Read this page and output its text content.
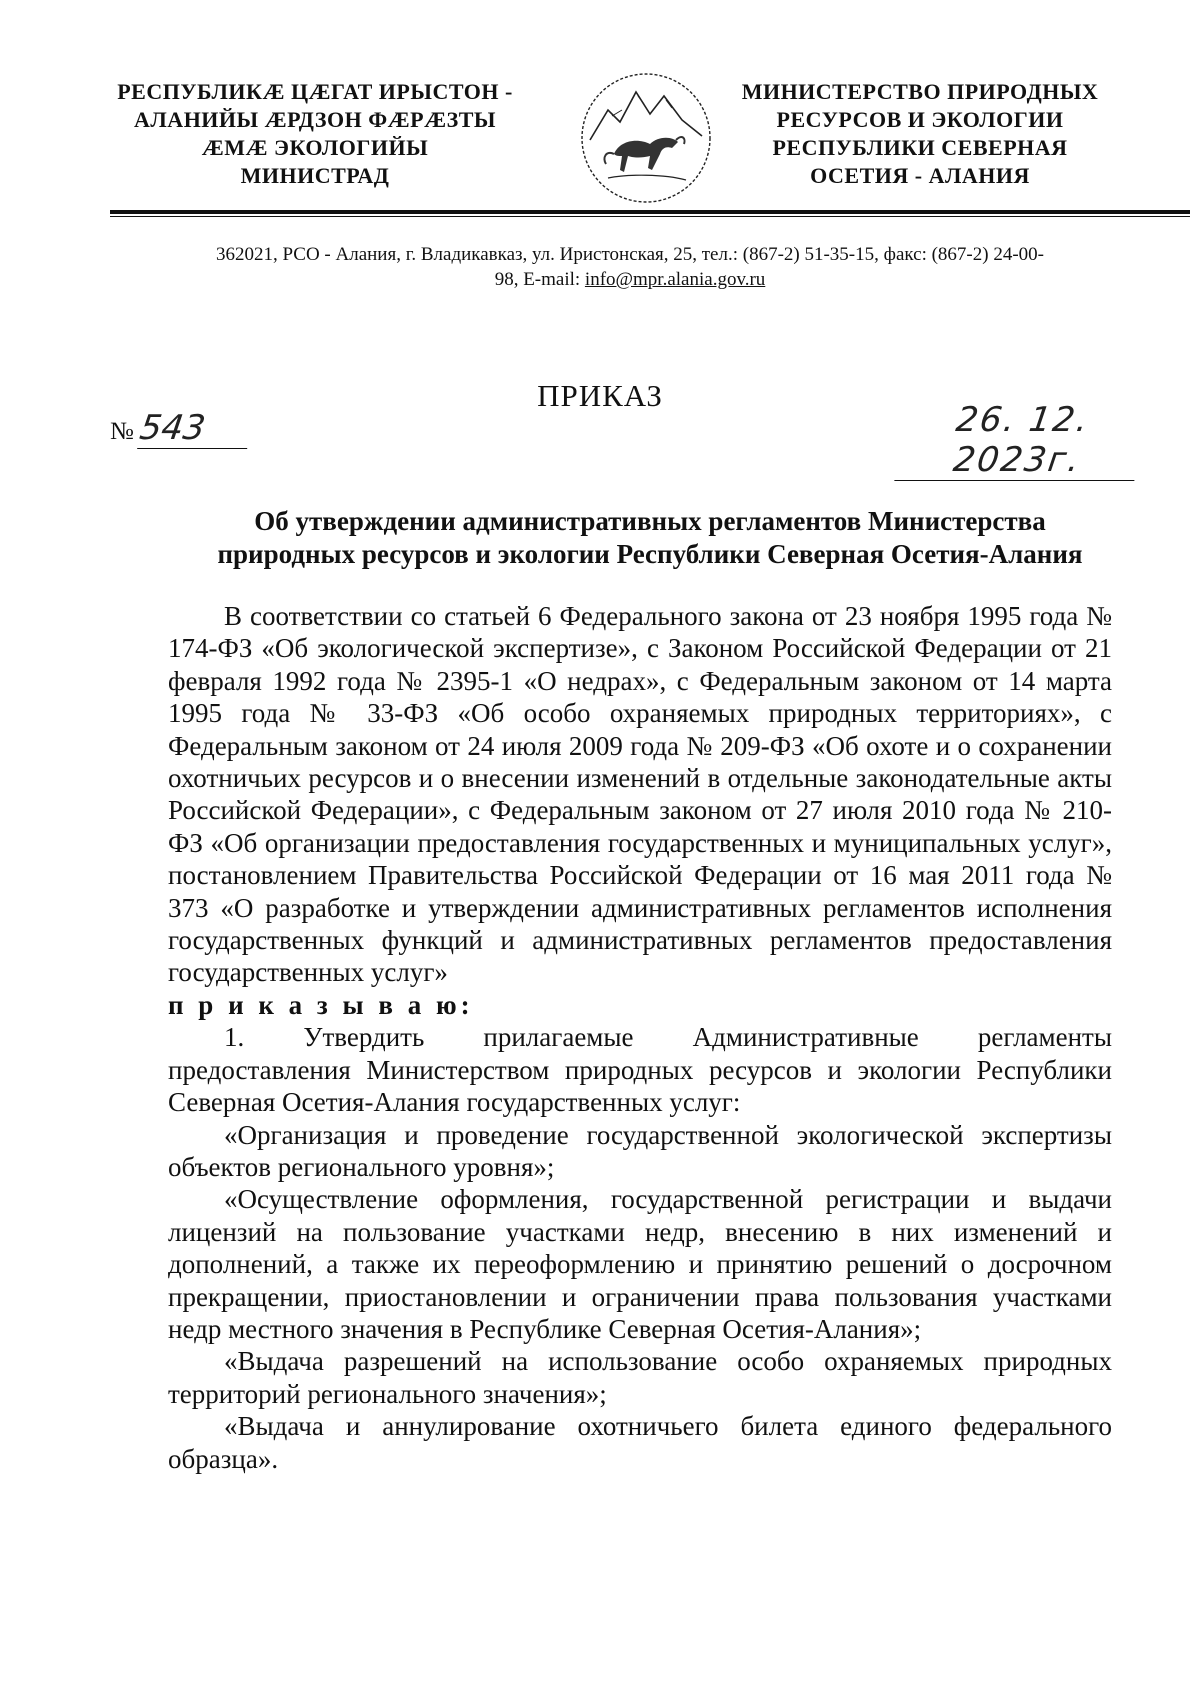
РЕСПУБЛИКÆ ЦÆГАТ ИРЫСТОН -
АЛАНИЙЫ ÆРДЗОН ФÆРÆЗТЫ
ÆМÆ ЭКОЛОГИЙЫ
МИНИСТРАД
МИНИСТЕРСТВО ПРИРОДНЫХ
РЕСУРСОВ И ЭКОЛОГИИ
РЕСПУБЛИКИ СЕВЕРНАЯ
ОСЕТИЯ - АЛАНИЯ
362021, РСО - Алания, г. Владикавказ, ул. Иристонская, 25, тел.: (867-2) 51-35-15, факс: (867-2) 24-00-
98, E-mail: info@mpr.alania.gov.ru
ПРИКАЗ
№543	26. 12. 2023г.
Об утверждении административных регламентов Министерства
природных ресурсов и экологии Республики Северная Осетия-Алания

В соответствии со статьей 6 Федерального закона от 23 ноября 1995 года № 174-ФЗ «Об экологической экспертизе», с Законом Российской Федерации от 21 февраля 1992 года № 2395-1 «О недрах», с Федеральным законом от 14 марта 1995 года № 33-ФЗ «Об особо охраняемых природных территориях», с Федеральным законом от 24 июля 2009 года № 209-ФЗ «Об охоте и о сохранении охотничьих ресурсов и о внесении изменений в отдельные законодательные акты Российской Федерации», с Федеральным законом от 27 июля 2010 года № 210-ФЗ «Об организации предоставления государственных и муниципальных услуг», постановлением Правительства Российской Федерации от 16 мая 2011 года № 373 «О разработке и утверждении административных регламентов исполнения государственных функций и административных регламентов предоставления государственных услуг»

п р и к а з ы в а ю:

1. Утвердить прилагаемые Административные регламенты

предоставления Министерством природных ресурсов и экологии Республики Северная Осетия-Алания государственных услуг:

«Организация и проведение государственной экологической экспертизы объектов регионального уровня»;

«Осуществление оформления, государственной регистрации и выдачи лицензий на пользование участками недр, внесению в них изменений и дополнений, а также их переоформлению и принятию решений о досрочном прекращении, приостановлении и ограничении права пользования участками недр местного значения в Республике Северная Осетия-Алания»;

«Выдача разрешений на использование особо охраняемых природных территорий регионального значения»;

«Выдача и аннулирование охотничьего билета единого федерального образца».
